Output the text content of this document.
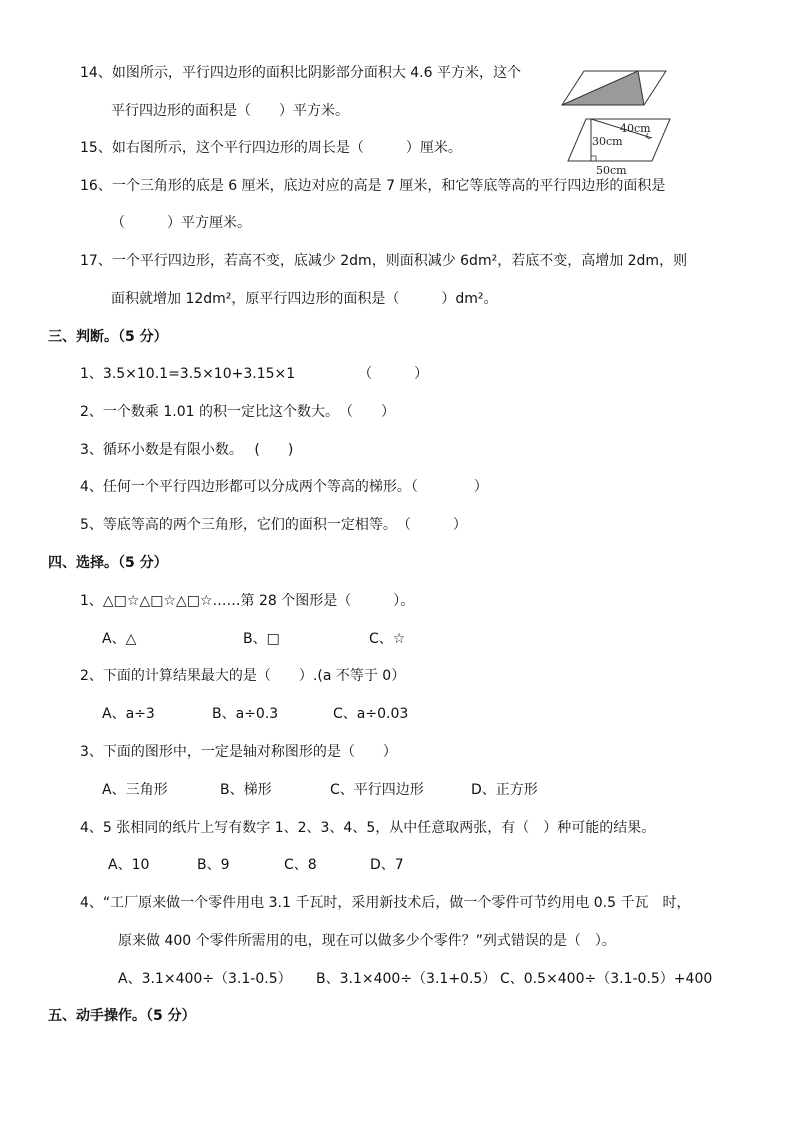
14、如图所示，平行四边形的面积比阴影部分面积大 4.6 平方米，这个
平行四边形的面积是（　　）平方米。
15、如右图所示，这个平行四边形的周长是（　　　）厘米。
40cm
30cm
50cm
16、一个三角形的底是 6 厘米，底边对应的高是 7 厘米，和它等底等高的平行四边形的面积是
（　　　）平方厘米。
17、一个平行四边形，若高不变，底减少 2dm，则面积减少 6dm²，若底不变，高增加 2dm，则
面积就增加 12dm²，原平行四边形的面积是（　　　）dm²。
三、判断。（5 分）
1、3.5×10.1=3.5×10+3.15×1　　　　　（　　　）
2、一个数乘 1.01 的积一定比这个数大。　（　　）
3、循环小数是有限小数。　 (　　)
4、任何一个平行四边形都可以分成两个等高的梯形。（　　　　）
5、等底等高的两个三角形，它们的面积一定相等。　（　　　）
四、选择。（5 分）
1、△□☆△□☆△□☆……第 28 个图形是（　　　）。
A、△	B、□	C、☆
2、下面的计算结果最大的是（　　）.(a 不等于 0）
A、a÷3	B、a÷0.3	C、a÷0.03
3、下面的图形中，一定是轴对称图形的是（　　）
A、三角形	B、梯形	C、平行四边形	D、正方形
4、5 张相同的纸片上写有数字 1、2、3、4、5，从中任意取两张，有（　）种可能的结果。
A、10	B、9	C、8	D、7
4、“工厂原来做一个零件用电 3.1 千瓦时，采用新技术后，做一个零件可节约用电 0.5 千瓦　时，
原来做 400 个零件所需用的电，现在可以做多少个零件？”列式错误的是（　）。
A、3.1×400÷（3.1-0.5） B、3.1×400÷（3.1+0.5） C、0.5×400÷（3.1-0.5）+400
五、动手操作。（5 分）
